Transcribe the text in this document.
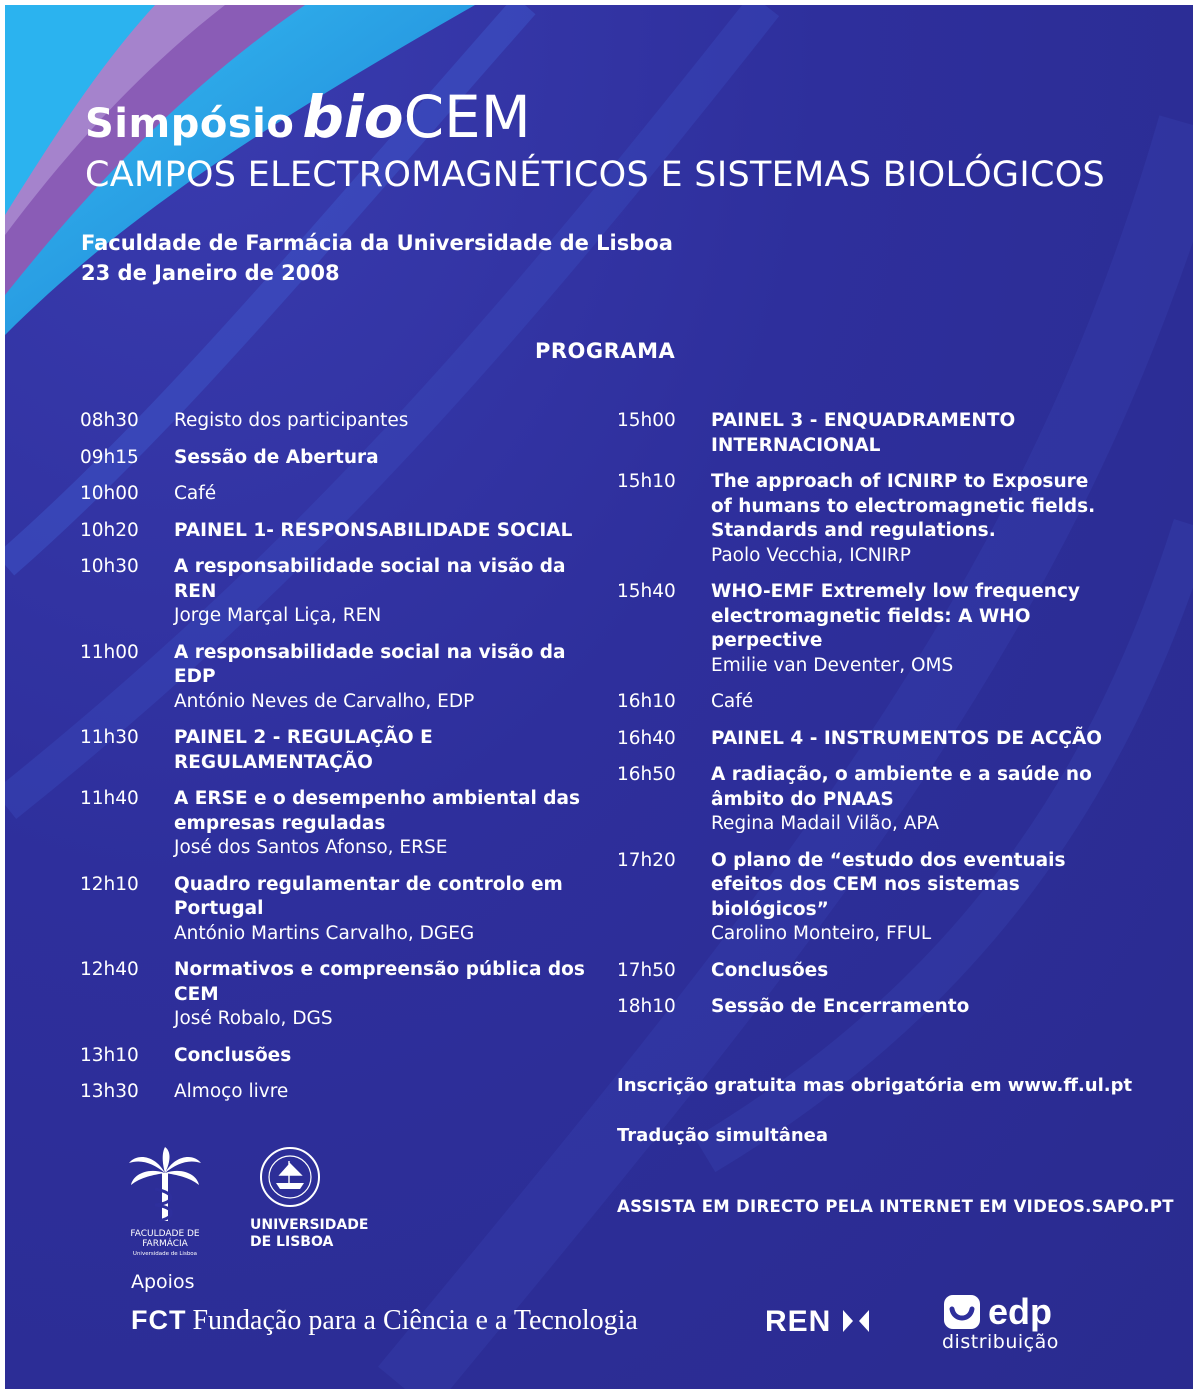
Simpósio bioCEM
CAMPOS ELECTROMAGNÉTICOS E SISTEMAS BIOLÓGICOS
Faculdade de Farmácia da Universidade de Lisboa
23 de Janeiro de 2008
PROGRAMA
08h30	Registo dos participantes
09h15	Sessão de Abertura
10h00	Café
10h20	PAINEL 1- RESPONSABILIDADE SOCIAL
10h30	A responsabilidade social na visão da REN
Jorge Marçal Liça, REN
11h00	A responsabilidade social na visão da EDP
António Neves de Carvalho, EDP
11h30	PAINEL 2 - REGULAÇÃO E REGULAMENTAÇÃO
11h40	A ERSE e o desempenho ambiental das empresas reguladas
José dos Santos Afonso, ERSE
12h10	Quadro regulamentar de controlo em Portugal
António Martins Carvalho, DGEG
12h40	Normativos e compreensão pública dos CEM
José Robalo, DGS
13h10	Conclusões
13h30	Almoço livre
15h00	PAINEL 3 - ENQUADRAMENTO INTERNACIONAL
15h10	The approach of ICNIRP to Exposure of humans to electromagnetic fields. Standards and regulations.
Paolo Vecchia, ICNIRP
15h40	WHO-EMF Extremely low frequency electromagnetic fields: A WHO perpective
Emilie van Deventer, OMS
16h10	Café
16h40	PAINEL 4 - INSTRUMENTOS DE ACÇÃO
16h50	A radiação, o ambiente e a saúde no âmbito do PNAAS
Regina Madail Vilão, APA
17h20	O plano de “estudo dos eventuais efeitos dos CEM nos sistemas biológicos”
Carolino Monteiro, FFUL
17h50	Conclusões
18h10	Sessão de Encerramento
Inscrição gratuita mas obrigatória em www.ff.ul.pt
Tradução simultânea
ASSISTA EM DIRECTO PELA INTERNET EM VIDEOS.SAPO.PT
FACULDADE DE
FARMÁCIA
Universidade de Lisboa
UNIVERSIDADE
DE LISBOA
Apoios
FCT Fundação para a Ciência e a Tecnologia	REN	edp
distribuição
